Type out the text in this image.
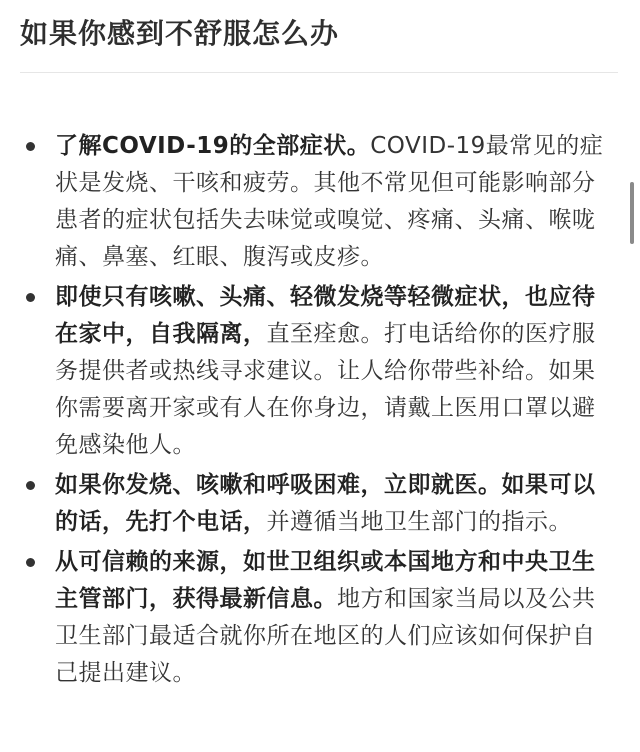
如果你感到不舒服怎么办
了解COVID-19的全部症状。COVID-19最常见的症状是发烧、干咳和疲劳。其他不常见但可能影响部分患者的症状包括失去味觉或嗅觉、疼痛、头痛、喉咙痛、鼻塞、红眼、腹泻或皮疹。
即使只有咳嗽、头痛、轻微发烧等轻微症状，也应待在家中，自我隔离，直至痊愈。打电话给你的医疗服务提供者或热线寻求建议。让人给你带些补给。如果你需要离开家或有人在你身边，请戴上医用口罩以避免感染他人。
如果你发烧、咳嗽和呼吸困难，立即就医。如果可以的话，先打个电话，并遵循当地卫生部门的指示。
从可信赖的来源，如世卫组织或本国地方和中央卫生主管部门，获得最新信息。地方和国家当局以及公共卫生部门最适合就你所在地区的人们应该如何保护自己提出建议。
